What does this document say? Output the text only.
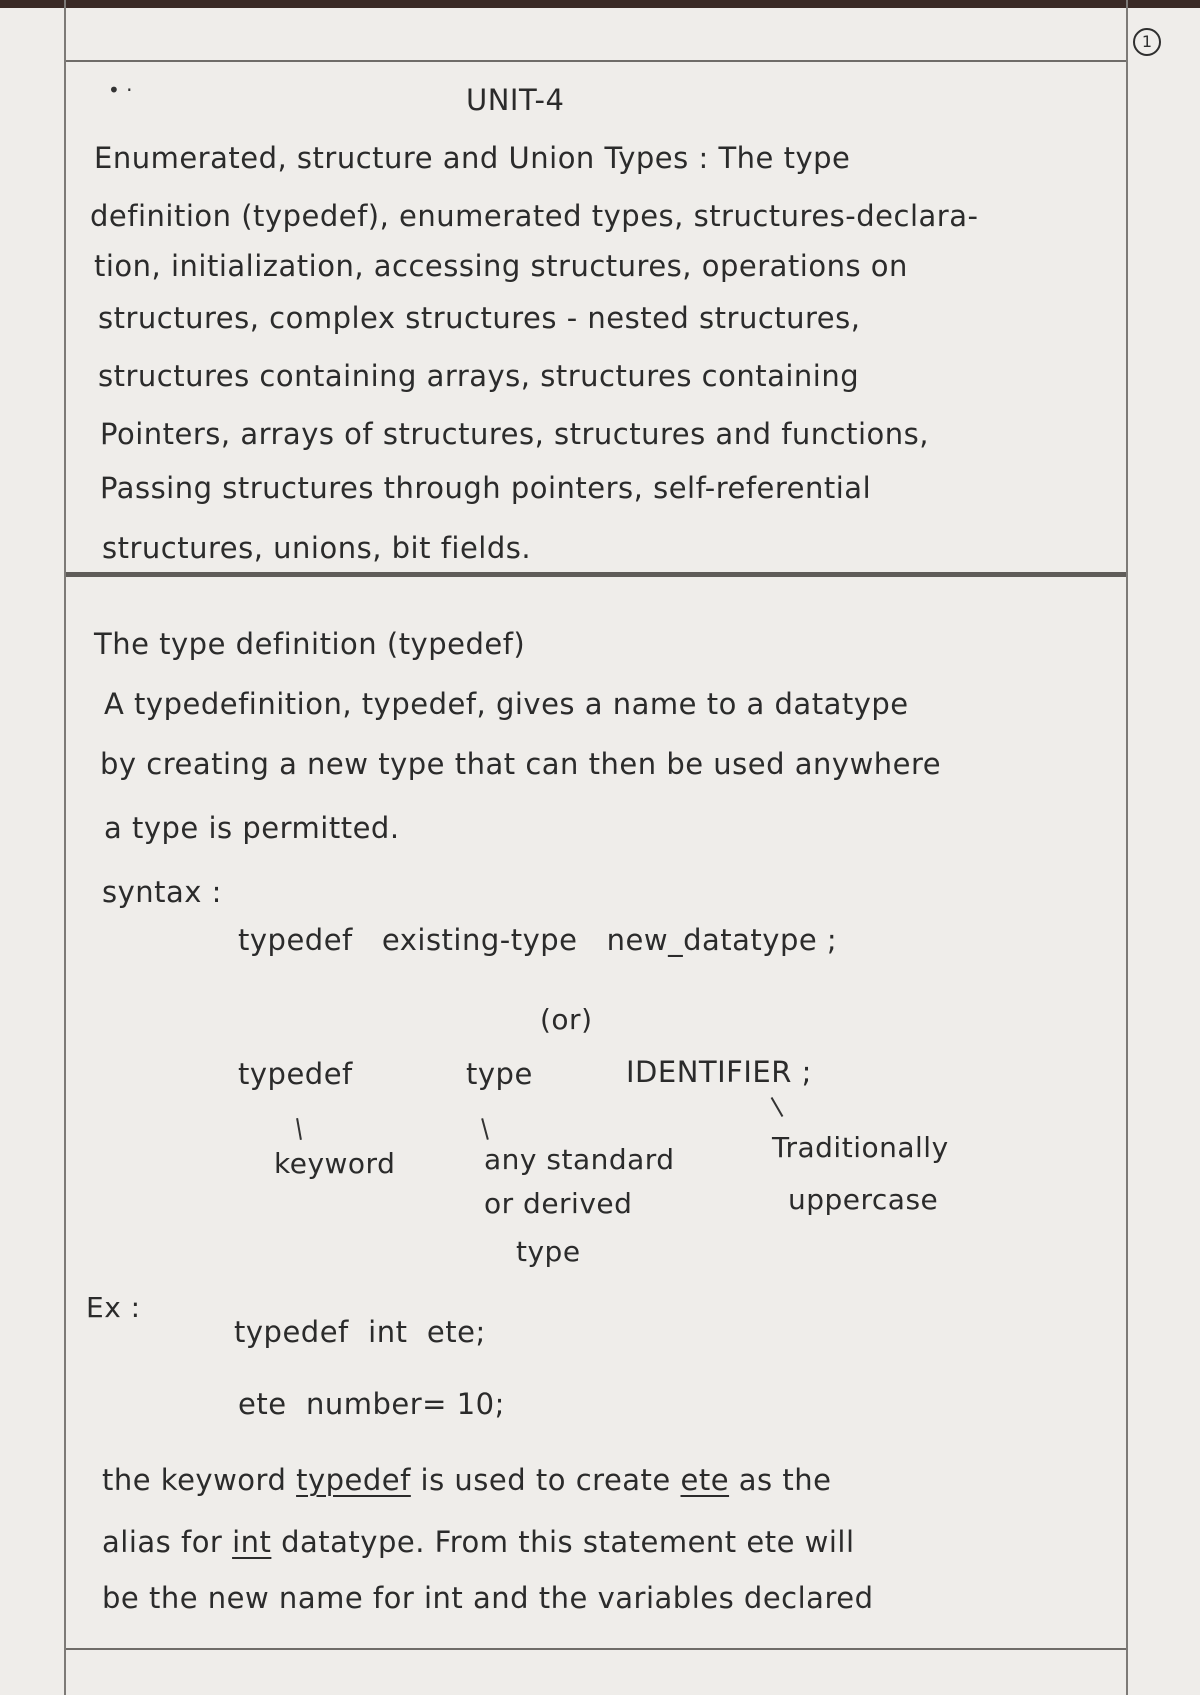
1
• ·	UNIT-4
Enumerated, structure and Union Types : The type
definition (typedef), enumerated types, structures-declara-
tion, initialization, accessing structures, operations on
structures, complex structures - nested structures,
structures containing arrays, structures containing
Pointers, arrays of structures, structures and functions,
Passing structures through pointers, self-referential
structures, unions, bit fields.
The type definition (typedef)
A typedefinition, typedef, gives a name to a datatype
by creating a new type that can then be used anywhere
a type is permitted.
syntax :
typedef   existing-type   new_datatype ;
(or)
typedef	type	IDENTIFIER ;
keyword	any standard
or derived
type
Traditionally
uppercase
Ex :
typedef  int  ete;
ete  number= 10;
the keyword typedef is used to create ete as the
alias for int datatype. From this statement ete will
be the new name for int and the variables declared
